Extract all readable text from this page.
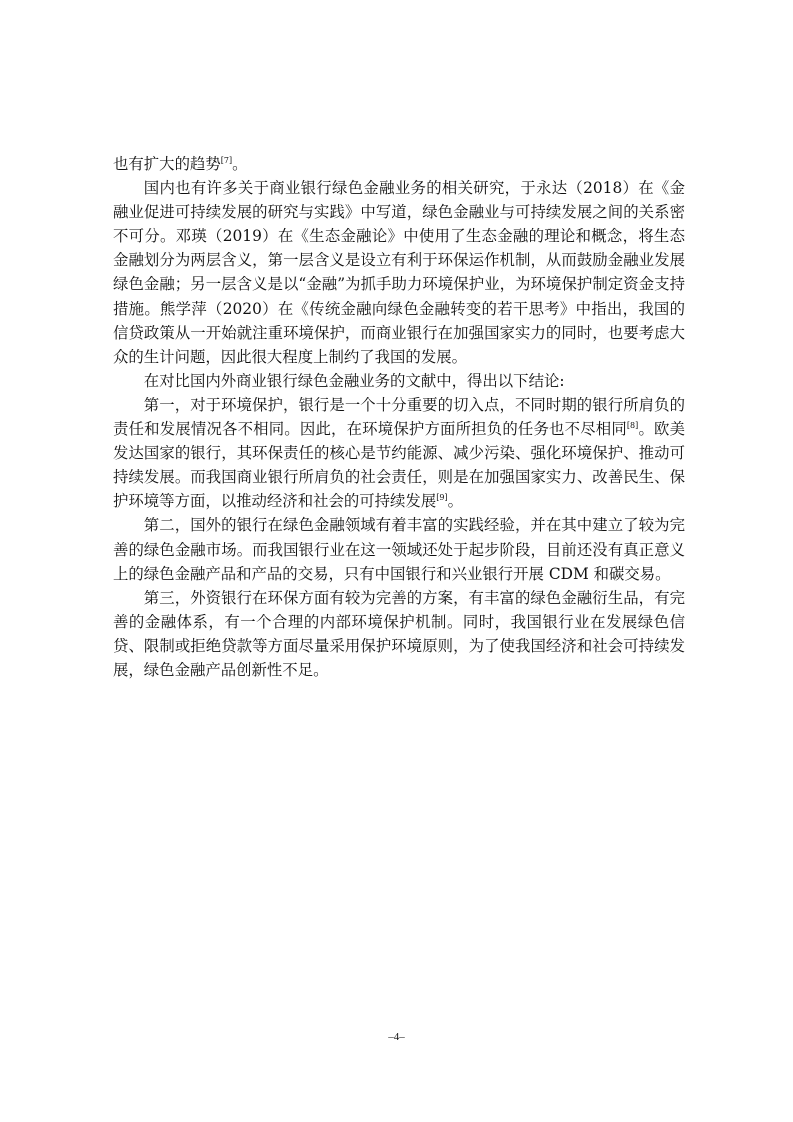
也有扩大的趋势[7]。

国内也有许多关于商业银行绿色金融业务的相关研究，于永达（2018）在《金融业促进可持续发展的研究与实践》中写道，绿色金融业与可持续发展之间的关系密不可分。邓瑛（2019）在《生态金融论》中使用了生态金融的理论和概念，将生态金融划分为两层含义，第一层含义是设立有利于环保运作机制，从而鼓励金融业发展绿色金融；另一层含义是以“金融”为抓手助力环境保护业，为环境保护制定资金支持措施。熊学萍（2020）在《传统金融向绿色金融转变的若干思考》中指出，我国的信贷政策从一开始就注重环境保护，而商业银行在加强国家实力的同时，也要考虑大众的生计问题，因此很大程度上制约了我国的发展。

在对比国内外商业银行绿色金融业务的文献中，得出以下结论:

第一，对于环境保护，银行是一个十分重要的切入点，不同时期的银行所肩负的责任和发展情况各不相同。因此，在环境保护方面所担负的任务也不尽相同[8]。欧美发达国家的银行，其环保责任的核心是节约能源、减少污染、强化环境保护、推动可持续发展。而我国商业银行所肩负的社会责任，则是在加强国家实力、改善民生、保护环境等方面，以推动经济和社会的可持续发展[9]。

第二，国外的银行在绿色金融领域有着丰富的实践经验，并在其中建立了较为完善的绿色金融市场。而我国银行业在这一领域还处于起步阶段，目前还没有真正意义上的绿色金融产品和产品的交易，只有中国银行和兴业银行开展 CDM 和碳交易。

第三，外资银行在环保方面有较为完善的方案，有丰富的绿色金融衍生品，有完善的金融体系，有一个合理的内部环境保护机制。同时，我国银行业在发展绿色信贷、限制或拒绝贷款等方面尽量采用保护环境原则，为了使我国经济和社会可持续发展，绿色金融产品创新性不足。

–4–
